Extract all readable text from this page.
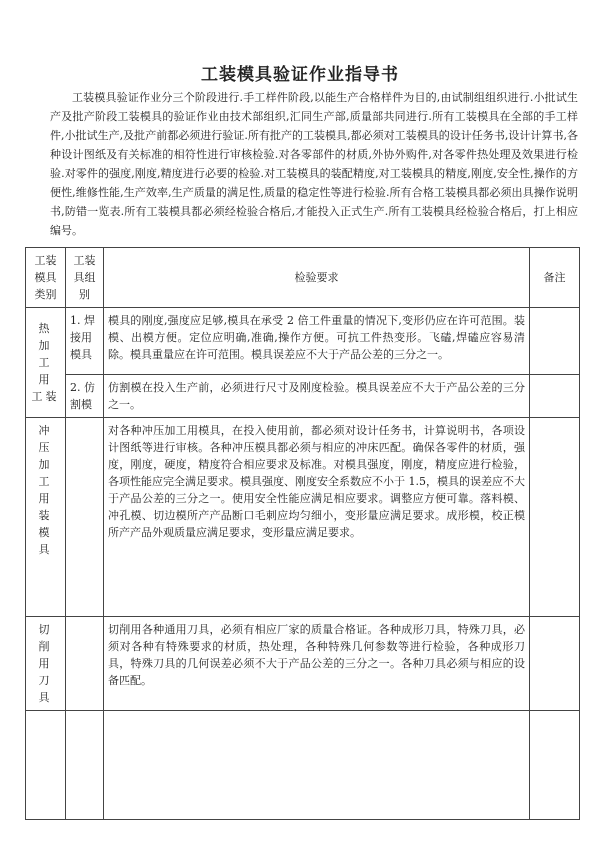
工装模具验证作业指导书

工装模具验证作业分三个阶段进行.手工样件阶段,以能生产合格样件为目的,由试制组组织进行.小批试生产及批产阶段工装模具的验证作业由技术部组织,汇同生产部,质量部共同进行.所有工装模具在全部的手工样件,小批试生产,及批产前都必须进行验证.所有批产的工装模具,都必须对工装模具的设计任务书,设计计算书,各种设计图纸及有关标准的相符性进行审核检验.对各零部件的材质,外协外购件,对各零件热处理及效果进行检验.对零件的强度,刚度,精度进行必要的检验.对工装模具的装配精度,对工装模具的精度,刚度,安全性,操作的方便性,维修性能,生产效率,生产质量的满足性,质量的稳定性等进行检验.所有合格工装模具都必须出具操作说明书,防错一览表.所有工装模具都必须经检验合格后,才能投入正式生产.所有工装模具经检验合格后，打上相应编号。

工装模具类别	工装具组别	检验要求	备注
热 加 工 用 工装	1. 焊接用模具	模具的刚度,强度应足够,模具在承受 2 倍工件重量的情况下,变形仍应在许可范围。装模、出模方便。定位应明确,准确,操作方便。可抗工件热变形。飞磕,焊磕应容易清除。模具重量应在许可范围。模具误差应不大于产品公差的三分之一。	
	2. 仿割模	仿割模在投入生产前，必须进行尺寸及刚度检验。模具误差应不大于产品公差的三分之一。	
冲 压 加 工 用 装 模 具		对各种冲压加工用模具，在投入使用前，都必须对设计任务书，计算说明书，各项设计图纸等进行审核。各种冲压模具都必须与相应的冲床匹配。确保各零件的材质，强度，刚度，硬度，精度符合相应要求及标准。对模具强度，刚度，精度应进行检验，各项性能应完全满足要求。模具强度、刚度安全系数应不小于 1.5，模具的误差应不大于产品公差的三分之一。使用安全性能应满足相应要求。调整应方便可靠。落料模、冲孔模、切边模所产产品断口毛刺应均匀细小，变形量应满足要求。成形模，校正模所产产品外观质量应满足要求，变形量应满足要求。	
切 削 用 刀 具		切削用各种通用刀具，必须有相应厂家的质量合格证。各种成形刀具，特殊刀具，必须对各种有特殊要求的材质，热处理，各种特殊几何参数等进行检验，各种成形刀具，特殊刀具的几何误差必须不大于产品公差的三分之一。各种刀具必须与相应的设备匹配。	
